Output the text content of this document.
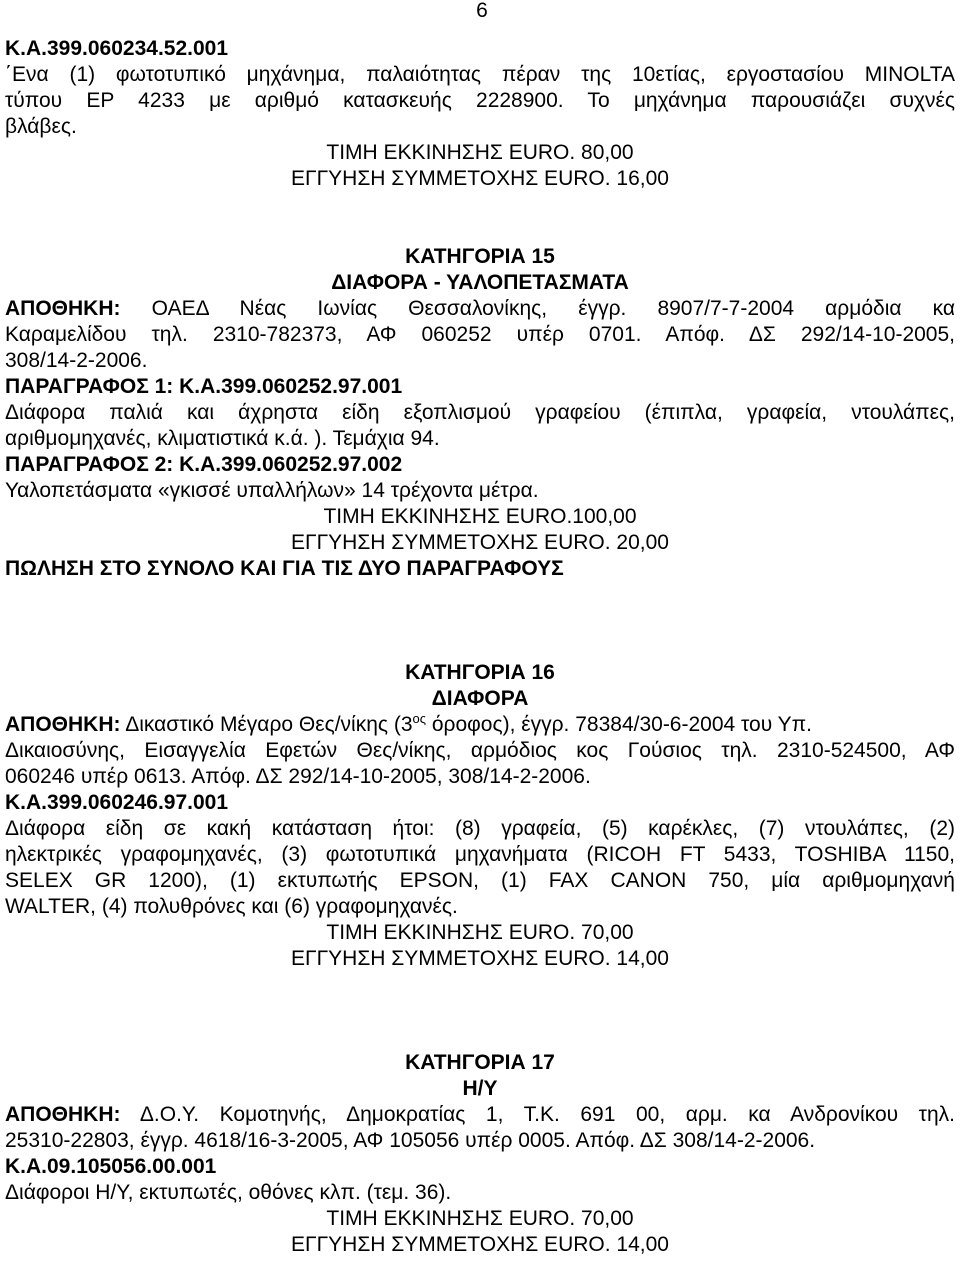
6
Κ.Α.399.060234.52.001
΄Ενα (1) φωτοτυπικό μηχάνημα, παλαιότητας πέραν της 10ετίας, εργοστασίου MINOLTA
τύπου EP 4233 με αριθμό κατασκευής 2228900. Το μηχάνημα παρουσιάζει συχνές
βλάβες.
ΤΙΜΗ ΕΚΚΙΝΗΣΗΣ EURO. 80,00
ΕΓΓΥΗΣΗ ΣΥΜΜΕΤΟΧΗΣ EURO. 16,00
ΚΑΤΗΓΟΡΙΑ 15
ΔΙΑΦΟΡΑ - ΥΑΛΟΠΕΤΑΣΜΑΤΑ
ΑΠΟΘΗΚΗ: ΟΑΕΔ Νέας Ιωνίας Θεσσαλονίκης, έγγρ. 8907/7-7-2004 αρμόδια κα
Καραμελίδου τηλ. 2310-782373, ΑΦ 060252 υπέρ 0701. Απόφ. ΔΣ 292/14-10-2005,
308/14-2-2006.
ΠΑΡΑΓΡΑΦΟΣ 1: Κ.Α.399.060252.97.001
Διάφορα παλιά και άχρηστα είδη εξοπλισμού γραφείου (έπιπλα, γραφεία, ντουλάπες,
αριθμομηχανές, κλιματιστικά κ.ά. ). Τεμάχια 94.
ΠΑΡΑΓΡΑΦΟΣ 2: Κ.Α.399.060252.97.002
Υαλοπετάσματα «γκισσέ υπαλλήλων» 14 τρέχοντα μέτρα.
ΤΙΜΗ ΕΚΚΙΝΗΣΗΣ EURO.100,00
ΕΓΓΥΗΣΗ ΣΥΜΜΕΤΟΧΗΣ EURO. 20,00
ΠΩΛΗΣΗ ΣΤΟ ΣΥΝΟΛΟ ΚΑΙ ΓΙΑ ΤΙΣ ΔΥΟ ΠΑΡΑΓΡΑΦΟΥΣ
ΚΑΤΗΓΟΡΙΑ 16
ΔΙΑΦΟΡΑ
ΑΠΟΘΗΚΗ: Δικαστικό Μέγαρο Θες/νίκης ($3^{o\varsigma}$ όροφος), έγγρ. 78384/30-6-2004 του Υπ.
Δικαιοσύνης, Εισαγγελία Εφετών Θες/νίκης, αρμόδιος κος Γούσιος τηλ. 2310-524500, ΑΦ
060246 υπέρ 0613. Απόφ. ΔΣ 292/14-10-2005, 308/14-2-2006.
Κ.Α.399.060246.97.001
Διάφορα είδη σε κακή κατάσταση ήτοι: (8) γραφεία, (5) καρέκλες, (7) ντουλάπες, (2)
ηλεκτρικές γραφομηχανές, (3) φωτοτυπικά μηχανήματα (RICOH FT 5433, TOSHIBA 1150,
SELEX GR 1200), (1) εκτυπωτής EPSON, (1) FAX CANON 750, μία αριθμομηχανή
WALTER, (4) πολυθρόνες και (6) γραφομηχανές.
ΤΙΜΗ ΕΚΚΙΝΗΣΗΣ EURO. 70,00
ΕΓΓΥΗΣΗ ΣΥΜΜΕΤΟΧΗΣ EURO. 14,00
ΚΑΤΗΓΟΡΙΑ 17
Η/Υ
ΑΠΟΘΗΚΗ: Δ.Ο.Υ. Κομοτηνής, Δημοκρατίας 1, Τ.Κ. 691 00, αρμ. κα Ανδρονίκου τηλ.
25310-22803, έγγρ. 4618/16-3-2005, ΑΦ 105056 υπέρ 0005. Απόφ. ΔΣ 308/14-2-2006.
Κ.Α.09.105056.00.001
Διάφοροι Η/Υ, εκτυπωτές, οθόνες κλπ. (τεμ. 36).
ΤΙΜΗ ΕΚΚΙΝΗΣΗΣ EURO. 70,00
ΕΓΓΥΗΣΗ ΣΥΜΜΕΤΟΧΗΣ EURO. 14,00
